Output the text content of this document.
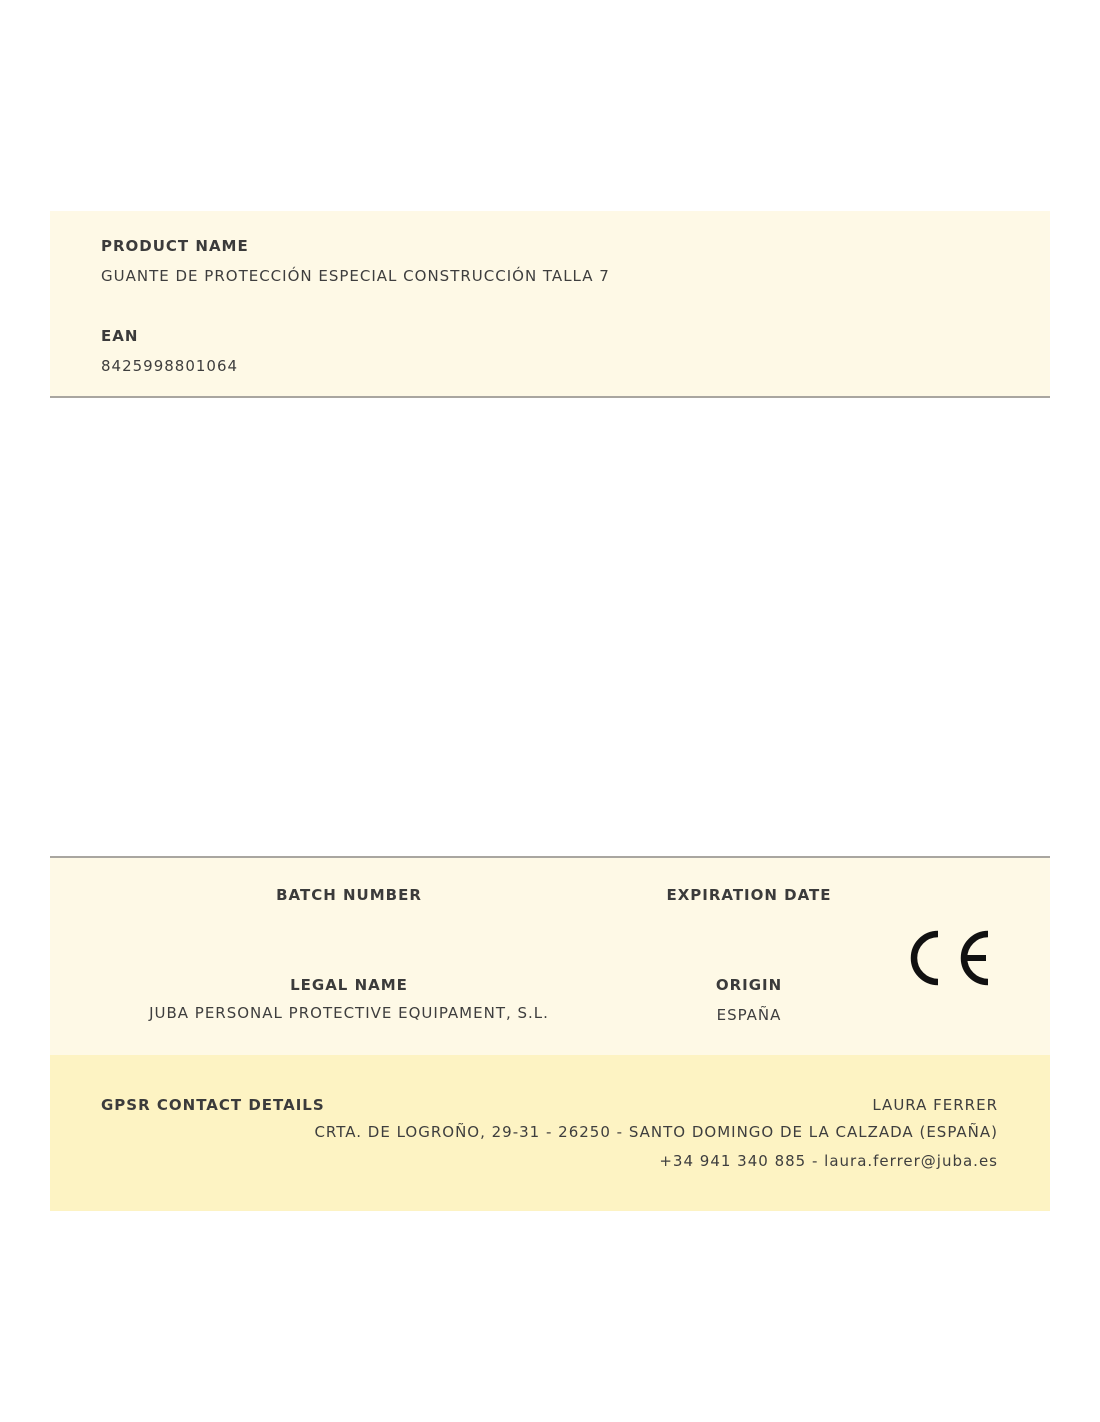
PRODUCT NAME
GUANTE DE PROTECCIÓN ESPECIAL CONSTRUCCIÓN TALLA 7
EAN
8425998801064
BATCH NUMBER	EXPIRATION DATE
LEGAL NAME
JUBA PERSONAL PROTECTIVE EQUIPAMENT, S.L.
ORIGIN
ESPAÑA
GPSR CONTACT DETAILS	LAURA FERRER
CRTA. DE LOGROÑO, 29-31 - 26250 - SANTO DOMINGO DE LA CALZADA (ESPAÑA)
+34 941 340 885 - laura.ferrer@juba.es
